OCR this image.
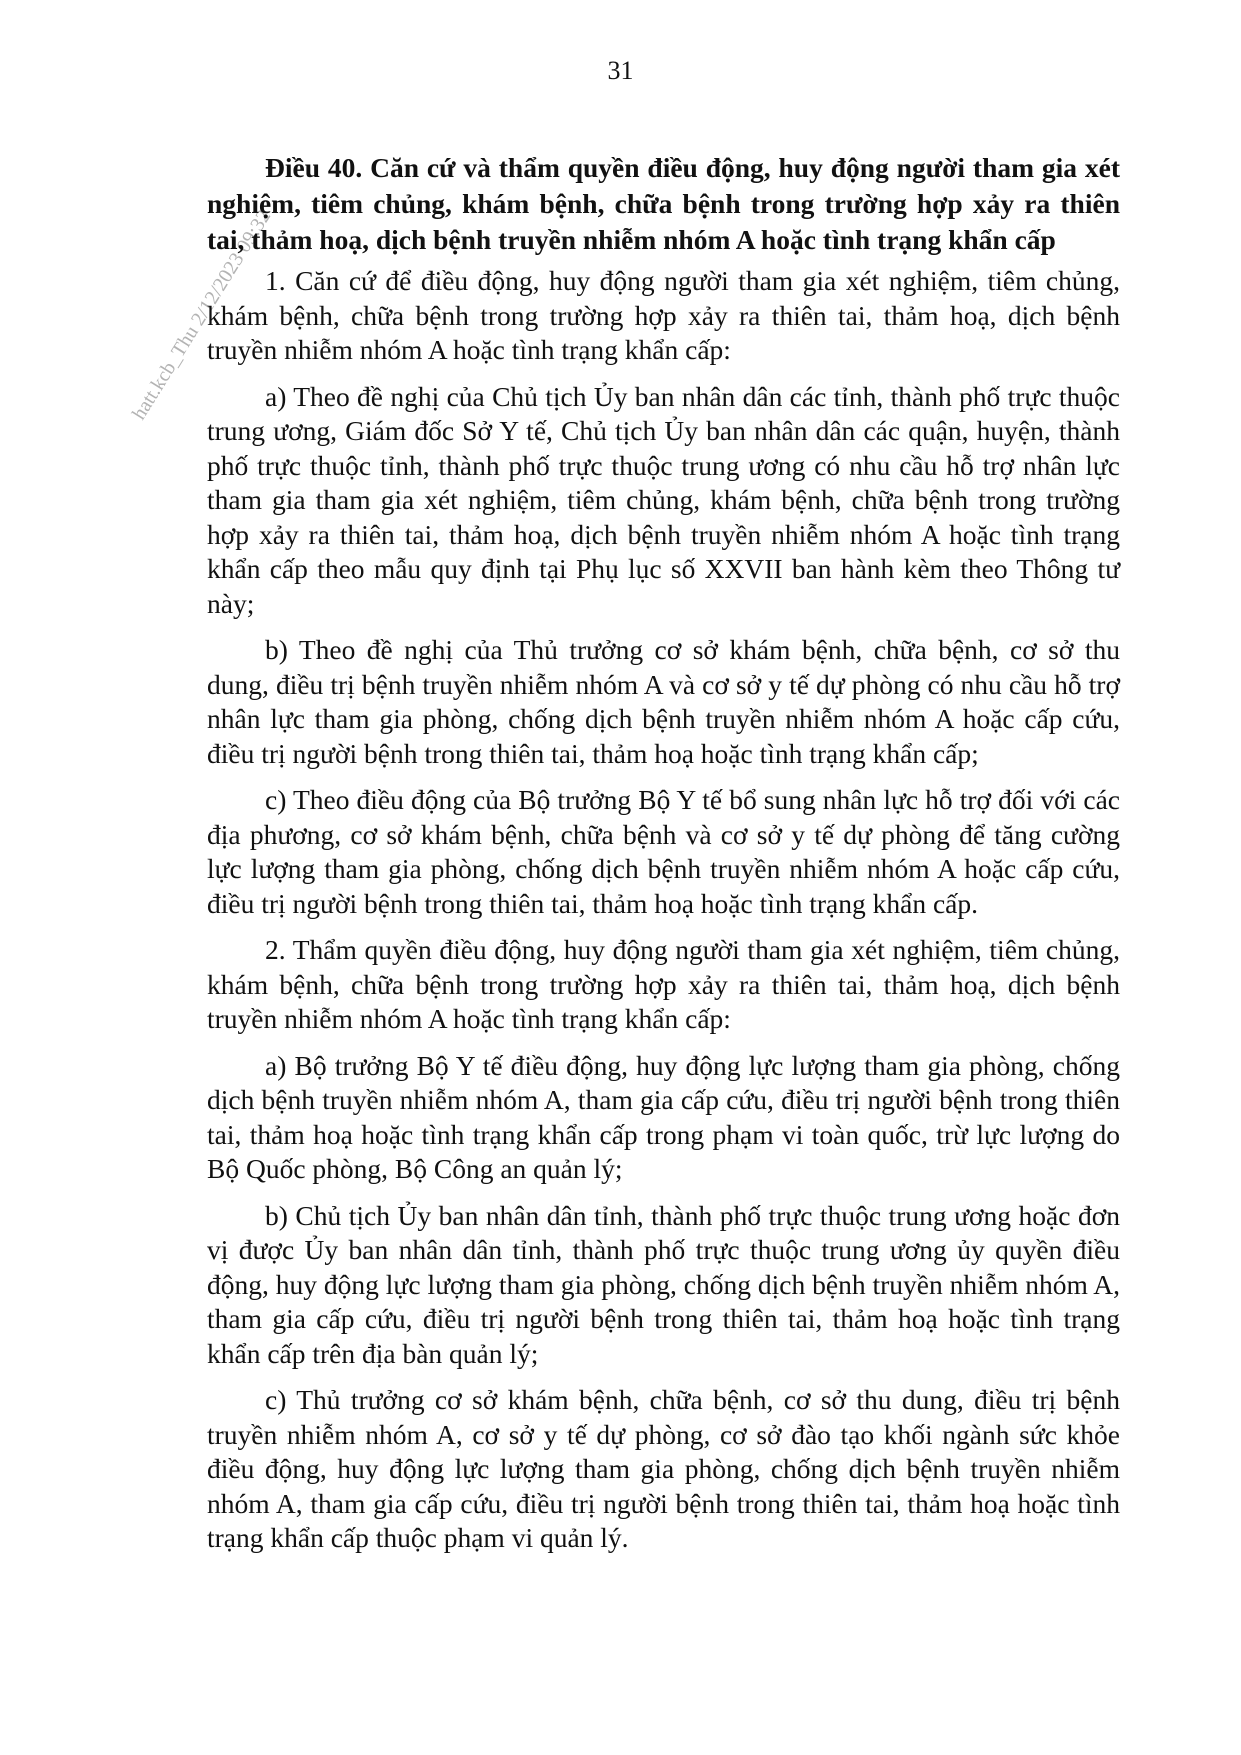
31
hatt.kcb_Thu 2/12/2023 09:32

Điều 40. Căn cứ và thẩm quyền điều động, huy động người tham gia xét nghiệm, tiêm chủng, khám bệnh, chữa bệnh trong trường hợp xảy ra thiên tai, thảm hoạ, dịch bệnh truyền nhiễm nhóm A hoặc tình trạng khẩn cấp

1. Căn cứ để điều động, huy động người tham gia xét nghiệm, tiêm chủng, khám bệnh, chữa bệnh trong trường hợp xảy ra thiên tai, thảm hoạ, dịch bệnh truyền nhiễm nhóm A hoặc tình trạng khẩn cấp:

a) Theo đề nghị của Chủ tịch Ủy ban nhân dân các tỉnh, thành phố trực thuộc trung ương, Giám đốc Sở Y tế, Chủ tịch Ủy ban nhân dân các quận, huyện, thành phố trực thuộc tỉnh, thành phố trực thuộc trung ương có nhu cầu hỗ trợ nhân lực tham gia tham gia xét nghiệm, tiêm chủng, khám bệnh, chữa bệnh trong trường hợp xảy ra thiên tai, thảm hoạ, dịch bệnh truyền nhiễm nhóm A hoặc tình trạng khẩn cấp theo mẫu quy định tại Phụ lục số XXVII ban hành kèm theo Thông tư này;

b) Theo đề nghị của Thủ trưởng cơ sở khám bệnh, chữa bệnh, cơ sở thu dung, điều trị bệnh truyền nhiễm nhóm A và cơ sở y tế dự phòng có nhu cầu hỗ trợ nhân lực tham gia phòng, chống dịch bệnh truyền nhiễm nhóm A hoặc cấp cứu, điều trị người bệnh trong thiên tai, thảm hoạ hoặc tình trạng khẩn cấp;

c) Theo điều động của Bộ trưởng Bộ Y tế bổ sung nhân lực hỗ trợ đối với các địa phương, cơ sở khám bệnh, chữa bệnh và cơ sở y tế dự phòng để tăng cường lực lượng tham gia phòng, chống dịch bệnh truyền nhiễm nhóm A hoặc cấp cứu, điều trị người bệnh trong thiên tai, thảm hoạ hoặc tình trạng khẩn cấp.

2. Thẩm quyền điều động, huy động người tham gia xét nghiệm, tiêm chủng, khám bệnh, chữa bệnh trong trường hợp xảy ra thiên tai, thảm hoạ, dịch bệnh truyền nhiễm nhóm A hoặc tình trạng khẩn cấp:

a) Bộ trưởng Bộ Y tế điều động, huy động lực lượng tham gia phòng, chống dịch bệnh truyền nhiễm nhóm A, tham gia cấp cứu, điều trị người bệnh trong thiên tai, thảm hoạ hoặc tình trạng khẩn cấp trong phạm vi toàn quốc, trừ lực lượng do Bộ Quốc phòng, Bộ Công an quản lý;

b) Chủ tịch Ủy ban nhân dân tỉnh, thành phố trực thuộc trung ương hoặc đơn vị được Ủy ban nhân dân tỉnh, thành phố trực thuộc trung ương ủy quyền điều động, huy động lực lượng tham gia phòng, chống dịch bệnh truyền nhiễm nhóm A, tham gia cấp cứu, điều trị người bệnh trong thiên tai, thảm hoạ hoặc tình trạng khẩn cấp trên địa bàn quản lý;

c) Thủ trưởng cơ sở khám bệnh, chữa bệnh, cơ sở thu dung, điều trị bệnh truyền nhiễm nhóm A, cơ sở y tế dự phòng, cơ sở đào tạo khối ngành sức khỏe điều động, huy động lực lượng tham gia phòng, chống dịch bệnh truyền nhiễm nhóm A, tham gia cấp cứu, điều trị người bệnh trong thiên tai, thảm hoạ hoặc tình trạng khẩn cấp thuộc phạm vi quản lý.
